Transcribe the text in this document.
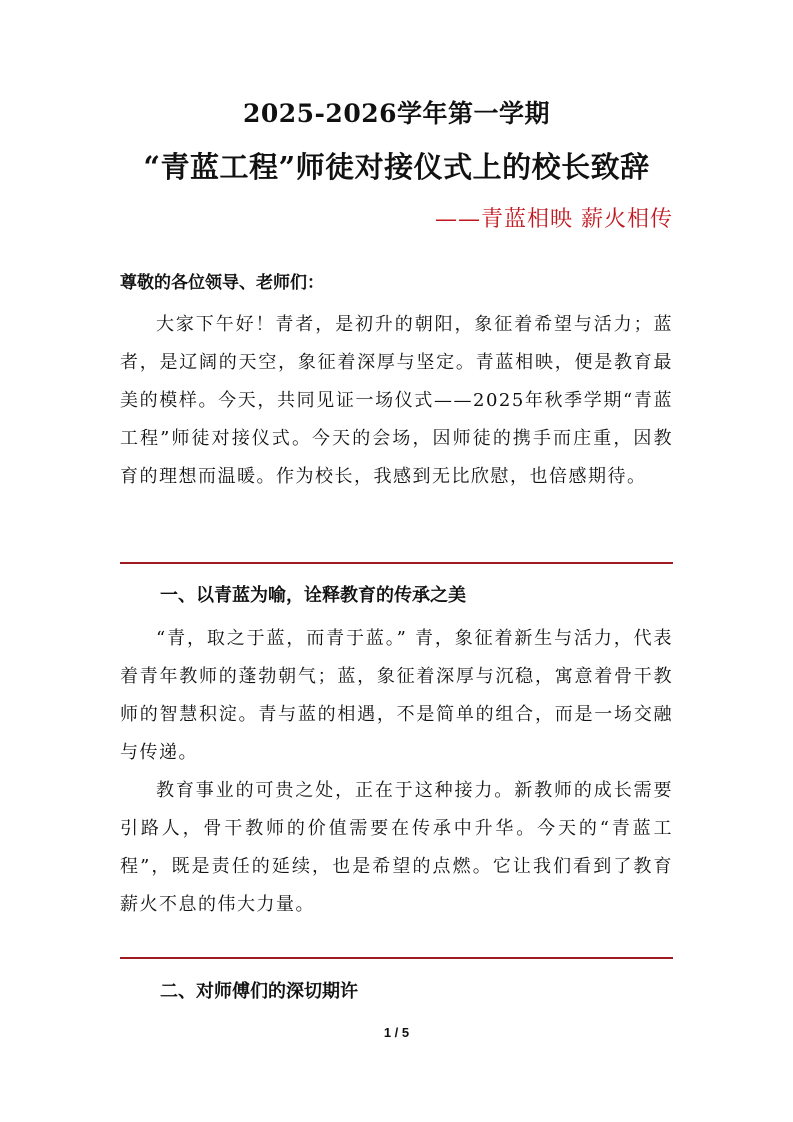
2025-2026学年第一学期
“青蓝工程”师徒对接仪式上的校长致辞
——青蓝相映 薪火相传
尊敬的各位领导、老师们：
大家下午好！青者，是初升的朝阳，象征着希望与活力；蓝者，是辽阔的天空，象征着深厚与坚定。青蓝相映，便是教育最美的模样。今天，共同见证一场仪式——2025年秋季学期“青蓝工程”师徒对接仪式。今天的会场，因师徒的携手而庄重，因教育的理想而温暖。作为校长，我感到无比欣慰，也倍感期待。
一、以青蓝为喻，诠释教育的传承之美
“青，取之于蓝，而青于蓝。” 青，象征着新生与活力，代表着青年教师的蓬勃朝气；蓝，象征着深厚与沉稳，寓意着骨干教师的智慧积淀。青与蓝的相遇，不是简单的组合，而是一场交融与传递。
教育事业的可贵之处，正在于这种接力。新教师的成长需要引路人，骨干教师的价值需要在传承中升华。今天的“青蓝工程”，既是责任的延续，也是希望的点燃。它让我们看到了教育薪火不息的伟大力量。
二、对师傅们的深切期许
1 / 5
